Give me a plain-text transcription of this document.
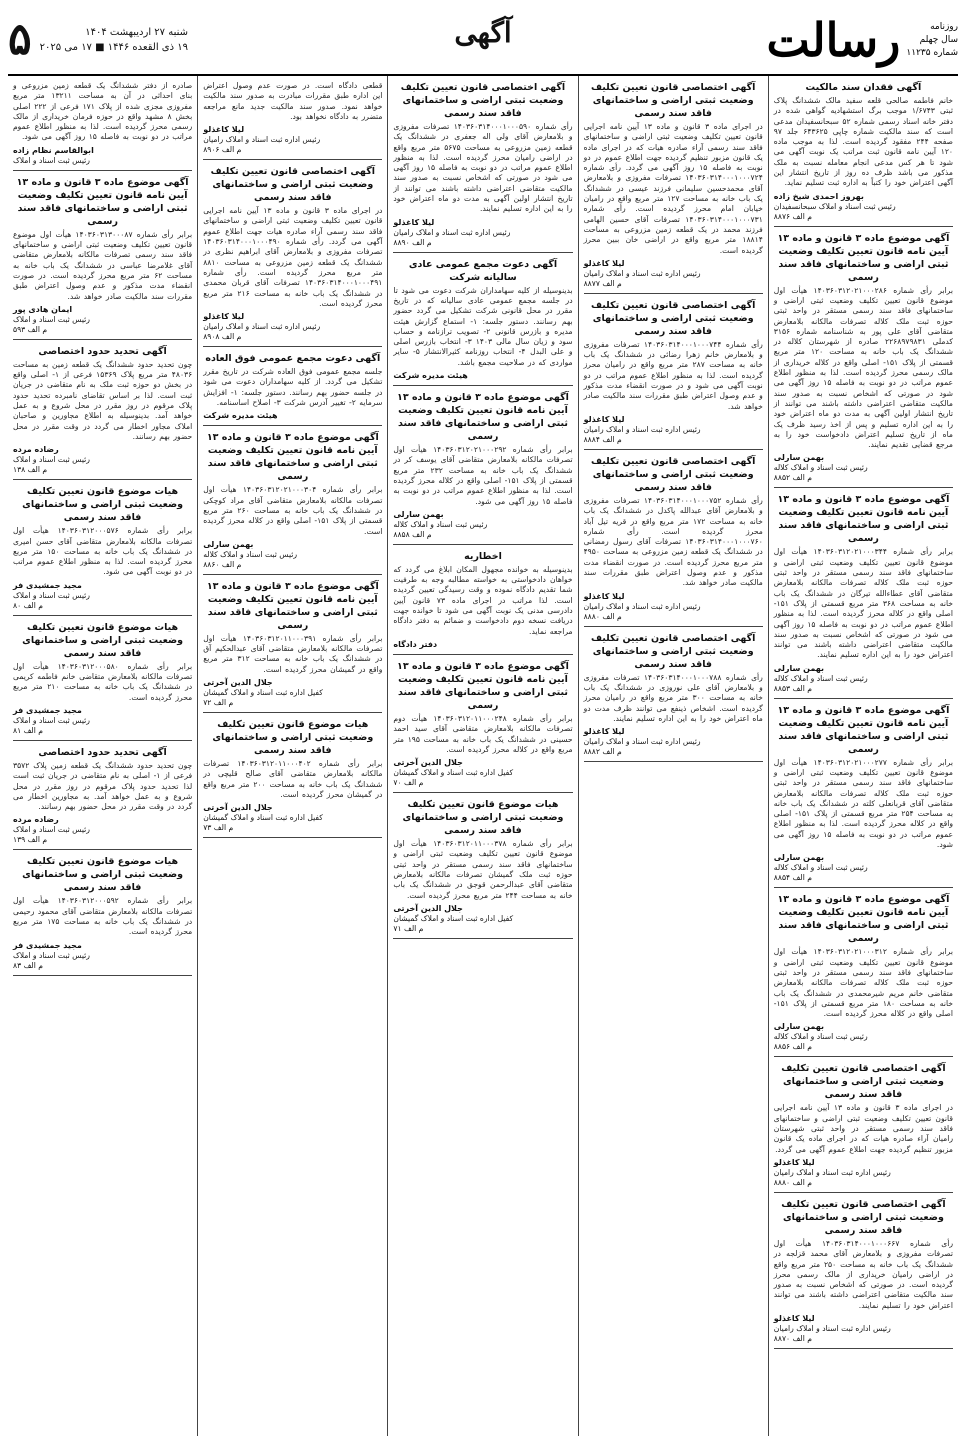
روزنامه
سال چهلم
شماره ۱۱۲۳۵
رسالت
آگهی
شنبه ۲۷ اردیبهشت ۱۴۰۴
۱۹ ذی القعده ۱۴۴۶ ■ ۱۷ می ۲۰۲۵
۵
آگهی فقدان سند مالکیت
خانم فاطمه صالحی قلعه سفید مالک ششدانگ پلاک ثبتی ۱/۶۷۴۳ موجب برگ استشهادیه گواهی شده در دفتر خانه اسناد رسمی شماره ۵۲ سبحانسفیدان مدعی است که سند مالکیت شماره چاپی ۶۴۳۶۲۵ جلد ۹۷ صفحه ۲۴۴ مفقود گردیده است. لذا به موجب ماده ۱۲۰ آیین نامه قانون ثبت مراتب یک نوبت آگهی می شود تا هر کس مدعی انجام معامله نسبت به ملک مذکور می باشد ظرف ده روز از تاریخ انتشار این آگهی اعتراض خود را کتباً به اداره ثبت تسلیم نماید.
بهروز احمدی شیخ زاده
رئیس ثبت اسناد و املاک سبحانسفیدان
م الف ۸۸۷۶
آگهی موضوع ماده ۳ قانون و ماده ۱۳ آیین نامه قانون تعیین تکلیف وضعیت ثبتی اراضی و ساختمانهای فاقد سند رسمی
برابر رأی شماره ۱۴۰۳۶۰۳۱۲۰۲۱۰۰۰۲۸۶ هیأت اول موضوع قانون تعیین تکلیف وضعیت ثبتی اراضی و ساختمانهای فاقد سند رسمی مستقر در واحد ثبتی حوزه ثبت ملک کلاله تصرفات مالکانه بلامعارض متقاضی آقای علی پور به شناسنامه شماره ۳۱۵۶ کدملی ۲۲۶۸۹۷۹۸۳۱ صادره از شهرستان کلاله در ششدانگ یک باب خانه به مساحت ۱۲۰ متر مربع قسمتی از پلاک ۱۵۱- اصلی واقع در کلاله خریداری از مالک رسمی محرز گردیده است. لذا به منظور اطلاع عموم مراتب در دو نوبت به فاصله ۱۵ روز آگهی می شود در صورتی که اشخاص نسبت به صدور سند مالکیت متقاضی اعتراضی داشته باشند می توانند از تاریخ انتشار اولین آگهی به مدت دو ماه اعتراض خود را به این اداره تسلیم و پس از اخذ رسید ظرف یک ماه از تاریخ تسلیم اعتراض دادخواست خود را به مرجع قضایی تقدیم نمایند.
بهمن سارلی
رئیس ثبت اسناد و املاک کلاله
م الف ۸۸۵۲
آگهی موضوع ماده ۳ قانون و ماده ۱۳ آیین نامه قانون تعیین تکلیف وضعیت ثبتی اراضی و ساختمانهای فاقد سند رسمی
برابر رأی شماره ۱۴۰۳۶۰۳۱۲۰۲۱۰۰۰۳۴۴ هیأت اول موضوع قانون تعیین تکلیف وضعیت ثبتی اراضی و ساختمانهای فاقد سند رسمی مستقر در واحد ثبتی حوزه ثبت ملک کلاله تصرفات مالکانه بلامعارض متقاضی آقای عطاءالله تیرگان در ششدانگ یک باب خانه به مساحت ۳۶۸ متر مربع قسمتی از پلاک ۱۵۱- اصلی واقع در کلاله محرز گردیده است. لذا به منظور اطلاع عموم مراتب در دو نوبت به فاصله ۱۵ روز آگهی می شود در صورتی که اشخاص نسبت به صدور سند مالکیت متقاضی اعتراضی داشته باشند می توانند اعتراض خود را به این اداره تسلیم نمایند.
بهمن سارلی
رئیس ثبت اسناد و املاک کلاله
م الف ۸۸۵۳
آگهی موضوع ماده ۳ قانون و ماده ۱۳ آیین نامه قانون تعیین تکلیف وضعیت ثبتی اراضی و ساختمانهای فاقد سند رسمی
برابر رأی شماره ۱۴۰۳۶۰۳۱۲۰۲۱۰۰۰۲۷۷ هیأت اول موضوع قانون تعیین تکلیف وضعیت ثبتی اراضی و ساختمانهای فاقد سند رسمی مستقر در واحد ثبتی حوزه ثبت ملک کلاله تصرفات مالکانه بلامعارض متقاضی آقای قربانعلی کلته در ششدانگ یک باب خانه به مساحت ۲۵۴ متر مربع قسمتی از پلاک ۱۵۱- اصلی واقع در کلاله محرز گردیده است. لذا به منظور اطلاع عموم مراتب در دو نوبت به فاصله ۱۵ روز آگهی می شود.
بهمن سارلی
رئیس ثبت اسناد و املاک کلاله
م الف ۸۸۵۴
آگهی موضوع ماده ۳ قانون و ماده ۱۳ آیین نامه قانون تعیین تکلیف وضعیت ثبتی اراضی و ساختمانهای فاقد سند رسمی
برابر رأی شماره ۱۴۰۳۶۰۳۱۲۰۲۱۰۰۰۳۱۲ هیأت اول موضوع قانون تعیین تکلیف وضعیت ثبتی اراضی و ساختمانهای فاقد سند رسمی مستقر در واحد ثبتی حوزه ثبت ملک کلاله تصرفات مالکانه بلامعارض متقاضی خانم مریم شیرمحمدی در ششدانگ یک باب خانه به مساحت ۱۸۰ متر مربع قسمتی از پلاک ۱۵۱- اصلی واقع در کلاله محرز گردیده است.
بهمن سارلی
رئیس ثبت اسناد و املاک کلاله
م الف ۸۸۵۶
آگهی اختصاصی قانون تعیین تکلیف وضعیت ثبتی اراضی و ساختمانهای فاقد سند رسمی
در اجرای ماده ۳ قانون و ماده ۱۳ آیین نامه اجرایی قانون تعیین تکلیف وضعیت ثبتی اراضی و ساختمانهای فاقد سند رسمی مستقر در واحد ثبتی شهرستان رامیان آراء صادره هیات که در اجرای ماده یک قانون مزبور تنظیم گردیده جهت اطلاع عموم آگهی می گردد.
لیلا کاغذلو
رئیس اداره ثبت اسناد و املاک رامیان
م الف ۸۸۸۰
آگهی اختصاصی قانون تعیین تکلیف وضعیت ثبتی اراضی و ساختمانهای فاقد سند رسمی
رأی شماره ۱۴۰۳۶۰۳۱۴۰۰۰۱۰۰۰۶۶۷ هیأت اول تصرفات مفروزی و بلامعارض آقای محمد قزلجه در ششدانگ یک باب خانه به مساحت ۲۵۰ متر مربع واقع در اراضی رامیان خریداری از مالک رسمی محرز گردیده است. در صورتی که اشخاص نسبت به صدور سند مالکیت متقاضی اعتراضی داشته باشند می توانند اعتراض خود را تسلیم نمایند.
لیلا کاغذلو
رئیس اداره ثبت اسناد و املاک رامیان
م الف ۸۸۷۰
آگهی اختصاصی قانون تعیین تکلیف وضعیت ثبتی اراضی و ساختمانهای فاقد سند رسمی
در اجرای ماده ۳ قانون و ماده ۱۳ آیین نامه اجرایی قانون تعیین تکلیف وضعیت ثبتی اراضی و ساختمانهای فاقد سند رسمی آراء صادره هیات که در اجرای ماده یک قانون مزبور تنظیم گردیده جهت اطلاع عموم در دو نوبت به فاصله ۱۵ روز آگهی می گردد. رأی شماره ۱۴۰۳۶۰۳۱۴۰۰۰۱۰۰۰۷۲۴ تصرفات مفروزی و بلامعارض آقای محمدحسین سلیمانی فرزند عیسی در ششدانگ یک باب خانه به مساحت ۱۲۷ متر مربع واقع در رامیان خیابان امام محرز گردیده است. رأی شماره ۱۴۰۳۶۰۳۱۴۰۰۰۱۰۰۰۷۳۱ تصرفات آقای حسین الهامی فرزند محمد در یک قطعه زمین مزروعی به مساحت ۱۸۸۱۴ متر مربع واقع در اراضی خان ببین محرز گردیده است.
لیلا کاغذلو
رئیس اداره ثبت اسناد و املاک رامیان
م الف ۸۸۷۷
آگهی اختصاصی قانون تعیین تکلیف وضعیت ثبتی اراضی و ساختمانهای فاقد سند رسمی
رأی شماره ۱۴۰۳۶۰۳۱۴۰۰۰۱۰۰۰۷۴۴ تصرفات مفروزی و بلامعارض خانم زهرا رضائی در ششدانگ یک باب خانه به مساحت ۲۸۷ متر مربع واقع در رامیان محرز گردیده است. لذا به منظور اطلاع عموم مراتب در دو نوبت آگهی می شود و در صورت انقضاء مدت مذکور و عدم وصول اعتراض طبق مقررات سند مالکیت صادر خواهد شد.
لیلا کاغذلو
رئیس اداره ثبت اسناد و املاک رامیان
م الف ۸۸۸۴
آگهی اختصاصی قانون تعیین تکلیف وضعیت ثبتی اراضی و ساختمانهای فاقد سند رسمی
رأی شماره ۱۴۰۳۶۰۳۱۴۰۰۰۱۰۰۰۷۵۲ تصرفات مفروزی و بلامعارض آقای عبدالله پاکدل در ششدانگ یک باب خانه به مساحت ۱۷۲ متر مربع واقع در قریه تیل آباد محرز گردیده است. رأی شماره ۱۴۰۳۶۰۳۱۴۰۰۰۱۰۰۰۷۶۰ تصرفات آقای رسول رمضانی در ششدانگ یک قطعه زمین مزروعی به مساحت ۴۹۵۰ متر مربع محرز گردیده است. در صورت انقضاء مدت مذکور و عدم وصول اعتراض طبق مقررات سند مالکیت صادر خواهد شد.
لیلا کاغذلو
رئیس اداره ثبت اسناد و املاک رامیان
م الف ۸۸۸۰
آگهی اختصاصی قانون تعیین تکلیف وضعیت ثبتی اراضی و ساختمانهای فاقد سند رسمی
رأی شماره ۱۴۰۳۶۰۳۱۴۰۰۰۱۰۰۰۷۸۸ تصرفات مفروزی و بلامعارض آقای علی نوروزی در ششدانگ یک باب خانه به مساحت ۳۰۰ متر مربع واقع در رامیان محرز گردیده است. اشخاص ذینفع می توانند ظرف مدت دو ماه اعتراض خود را به این اداره تسلیم نمایند.
لیلا کاغذلو
رئیس اداره ثبت اسناد و املاک رامیان
م الف ۸۸۸۲
آگهی اختصاصی قانون تعیین تکلیف وضعیت ثبتی اراضی و ساختمانهای فاقد سند رسمی
رأی شماره ۱۴۰۳۶۰۳۱۴۰۰۰۱۰۰۰۵۹۰ تصرفات مفروزی و بلامعارض آقای ولی اله جعفری در ششدانگ یک قطعه زمین مزروعی به مساحت ۵۶۷۵ متر مربع واقع در اراضی رامیان محرز گردیده است. لذا به منظور اطلاع عموم مراتب در دو نوبت به فاصله ۱۵ روز آگهی می شود در صورتی که اشخاص نسبت به صدور سند مالکیت متقاضی اعتراضی داشته باشند می توانند از تاریخ انتشار اولین آگهی به مدت دو ماه اعتراض خود را به این اداره تسلیم نمایند.
لیلا کاغذلو
رئیس اداره ثبت اسناد و املاک رامیان
م الف ۸۸۹۰
آگهی دعوت مجمع عمومی عادی سالیانه شرکت
بدینوسیله از کلیه سهامداران شرکت دعوت می شود تا در جلسه مجمع عمومی عادی سالیانه که در تاریخ مقرر در محل قانونی شرکت تشکیل می گردد حضور بهم رسانند. دستور جلسه: ۱- استماع گزارش هیئت مدیره و بازرس قانونی ۲- تصویب ترازنامه و حساب سود و زیان سال مالی ۱۴۰۳ ۳- انتخاب بازرس اصلی و علی البدل ۴- انتخاب روزنامه کثیرالانتشار ۵- سایر مواردی که در صلاحیت مجمع باشد.
هیئت مدیره شرکت
آگهی موضوع ماده ۳ قانون و ماده ۱۳ آیین نامه قانون تعیین تکلیف وضعیت ثبتی اراضی و ساختمانهای فاقد سند رسمی
برابر رأی شماره ۱۴۰۳۶۰۳۱۲۰۲۱۰۰۰۲۹۲ هیأت اول تصرفات مالکانه بلامعارض متقاضی آقای یوسف کر در ششدانگ یک باب خانه به مساحت ۲۳۲ متر مربع قسمتی از پلاک ۱۵۱- اصلی واقع در کلاله محرز گردیده است. لذا به منظور اطلاع عموم مراتب در دو نوبت به فاصله ۱۵ روز آگهی می شود.
بهمن سارلی
رئیس ثبت اسناد و املاک کلاله
م الف ۸۸۵۸
اخطاریه
بدینوسیله به خوانده مجهول المکان ابلاغ می گردد که خواهان دادخواستی به خواسته مطالبه وجه به طرفیت شما تقدیم دادگاه نموده و وقت رسیدگی تعیین گردیده است. لذا مراتب در اجرای ماده ۷۳ قانون آیین دادرسی مدنی یک نوبت آگهی می شود تا خوانده جهت دریافت نسخه دوم دادخواست و ضمائم به دفتر دادگاه مراجعه نماید.
دفتر دادگاه
آگهی موضوع ماده ۳ قانون و ماده ۱۳ آیین نامه قانون تعیین تکلیف وضعیت ثبتی اراضی و ساختمانهای فاقد سند رسمی
برابر رأی شماره ۱۴۰۳۶۰۳۱۲۰۱۱۰۰۰۲۴۸ هیأت دوم تصرفات مالکانه بلامعارض متقاضی آقای سید احمد حسینی در ششدانگ یک باب خانه به مساحت ۱۹۵ متر مربع واقع در کلاله محرز گردیده است.
جلال الدین آخرتی
کفیل اداره ثبت اسناد و املاک گمیشان
م الف ۷۰
هیات موضوع قانون تعیین تکلیف وضعیت ثبتی اراضی و ساختمانهای فاقد سند رسمی
برابر رأی شماره ۱۴۰۳۶۰۳۱۲۰۱۱۰۰۰۳۷۸ هیأت اول موضوع قانون تعیین تکلیف وضعیت ثبتی اراضی و ساختمانهای فاقد سند رسمی مستقر در واحد ثبتی حوزه ثبت ملک گمیشان تصرفات مالکانه بلامعارض متقاضی آقای عبدالرحمن قوجق در ششدانگ یک باب خانه به مساحت ۲۴۴ متر مربع محرز گردیده است.
جلال الدین آخرتی
کفیل اداره ثبت اسناد و املاک گمیشان
م الف ۷۱
قطعی دادگاه است. در صورت عدم وصول اعتراض این اداره طبق مقررات مبادرت به صدور سند مالکیت خواهد نمود. صدور سند مالکیت جدید مانع مراجعه متضرر به دادگاه نخواهد بود.
لیلا کاغذلو
رئیس اداره ثبت اسناد و املاک رامیان
م الف ۸۹۰۶
آگهی اختصاصی قانون تعیین تکلیف وضعیت ثبتی اراضی و ساختمانهای فاقد سند رسمی
در اجرای ماده ۳ قانون و ماده ۱۳ آیین نامه اجرایی قانون تعیین تکلیف وضعیت ثبتی اراضی و ساختمانهای فاقد سند رسمی آراء صادره هیات جهت اطلاع عموم آگهی می گردد. رأی شماره ۱۴۰۳۶۰۳۱۴۰۰۰۱۰۰۰۴۹۰ تصرفات مفروزی و بلامعارض آقای ابراهیم نظری در ششدانگ یک قطعه زمین مزروعی به مساحت ۸۸۱۰ متر مربع محرز گردیده است. رأی شماره ۱۴۰۳۶۰۳۱۴۰۰۰۱۰۰۰۴۹۱ تصرفات آقای قربان محمدی در ششدانگ یک باب خانه به مساحت ۲۱۶ متر مربع محرز گردیده است.
لیلا کاغذلو
رئیس اداره ثبت اسناد و املاک رامیان
م الف ۸۹۰۸
آگهی دعوت مجمع عمومی فوق العاده
جلسه مجمع عمومی فوق العاده شرکت در تاریخ مقرر تشکیل می گردد. از کلیه سهامداران دعوت می شود در جلسه حضور بهم رسانند. دستور جلسه: ۱- افزایش سرمایه ۲- تغییر آدرس شرکت ۳- اصلاح اساسنامه.
هیئت مدیره شرکت
آگهی موضوع ماده ۳ قانون و ماده ۱۳ آیین نامه قانون تعیین تکلیف وضعیت ثبتی اراضی و ساختمانهای فاقد سند رسمی
برابر رأی شماره ۱۴۰۳۶۰۳۱۲۰۲۱۰۰۰۳۰۴ هیأت اول تصرفات مالکانه بلامعارض متقاضی آقای مراد کوچکی در ششدانگ یک باب خانه به مساحت ۲۶۰ متر مربع قسمتی از پلاک ۱۵۱- اصلی واقع در کلاله محرز گردیده است.
بهمن سارلی
رئیس ثبت اسناد و املاک کلاله
م الف ۸۸۶۰
آگهی موضوع ماده ۳ قانون و ماده ۱۳ آیین نامه قانون تعیین تکلیف وضعیت ثبتی اراضی و ساختمانهای فاقد سند رسمی
برابر رأی شماره ۱۴۰۳۶۰۳۱۲۰۱۱۰۰۰۳۹۱ هیأت اول تصرفات مالکانه بلامعارض متقاضی آقای عبدالحکیم آق در ششدانگ یک باب خانه به مساحت ۳۱۲ متر مربع واقع در گمیشان محرز گردیده است.
جلال الدین آخرتی
کفیل اداره ثبت اسناد و املاک گمیشان
م الف ۷۲
هیات موضوع قانون تعیین تکلیف وضعیت ثبتی اراضی و ساختمانهای فاقد سند رسمی
برابر رأی شماره ۱۴۰۳۶۰۳۱۲۰۱۱۰۰۰۴۰۲ تصرفات مالکانه بلامعارض متقاضی آقای صالح قلیچی در ششدانگ یک باب خانه به مساحت ۲۰۰ متر مربع واقع در گمیشان محرز گردیده است.
جلال الدین آخرتی
کفیل اداره ثبت اسناد و املاک گمیشان
م الف ۷۳
صادره از دفتر ششدانگ یک قطعه زمین مزروعی و بنای احداثی در آن به مساحت ۱۳۲۱۱ متر مربع مفروزی مجزی شده از پلاک ۱۷۱ فرعی از ۲۲۲ اصلی بخش ۸ مشهد واقع در حوزه فرمان خریداری از مالک رسمی محرز گردیده است. لذا به منظور اطلاع عموم مراتب در دو نوبت به فاصله ۱۵ روز آگهی می شود.
ابوالقاسم نظام زاده
رئیس ثبت اسناد و املاک
آگهی موضوع ماده ۳ قانون و ماده ۱۳ آیین نامه قانون تعیین تکلیف وضعیت ثبتی اراضی و ساختمانهای فاقد سند رسمی
برابر رأی شماره ۱۴۰۳۶۰۳۱۳۰۰۰۸۷ هیأت اول موضوع قانون تعیین تکلیف وضعیت ثبتی اراضی و ساختمانهای فاقد سند رسمی تصرفات مالکانه بلامعارض متقاضی آقای غلامرضا عباسی در ششدانگ یک باب خانه به مساحت ۶۲ متر مربع محرز گردیده است. در صورت انقضاء مدت مذکور و عدم وصول اعتراض طبق مقررات سند مالکیت صادر خواهد شد.
ایمان هادی پور
رئیس ثبت اسناد و املاک
م الف ۵۹۳
آگهی تحدید حدود اختصاصی
چون تحدید حدود ششدانگ یک قطعه زمین به مساحت ۴۸۰۳۶ متر مربع پلاک ۱۵۳۶۹ فرعی از ۱- اصلی واقع در بخش دو حوزه ثبت ملک به نام متقاضی در جریان ثبت است. لذا بر اساس تقاضای نامبرده تحدید حدود پلاک مرقوم در روز مقرر در محل شروع و به عمل خواهد آمد. بدینوسیله به اطلاع مجاورین و صاحبان املاک مجاور اخطار می گردد در وقت مقرر در محل حضور بهم رسانند.
رضاده مرده
رئیس ثبت اسناد و املاک
م الف ۱۳۸
هیات موضوع قانون تعیین تکلیف وضعیت ثبتی اراضی و ساختمانهای فاقد سند رسمی
برابر رأی شماره ۱۴۰۳۶۰۳۱۲۰۰۰۵۷۶ هیأت اول تصرفات مالکانه بلامعارض متقاضی آقای حسن امیری در ششدانگ یک باب خانه به مساحت ۱۵۰ متر مربع محرز گردیده است. لذا به منظور اطلاع عموم مراتب در دو نوبت آگهی می شود.
مجید جمشیدی فر
رئیس ثبت اسناد و املاک
م الف ۸۰
هیات موضوع قانون تعیین تکلیف وضعیت ثبتی اراضی و ساختمانهای فاقد سند رسمی
برابر رأی شماره ۱۴۰۳۶۰۳۱۲۰۰۰۵۸۰ هیأت اول تصرفات مالکانه بلامعارض متقاضی خانم فاطمه کریمی در ششدانگ یک باب خانه به مساحت ۲۱۰ متر مربع محرز گردیده است.
مجید جمشیدی فر
رئیس ثبت اسناد و املاک
م الف ۸۱
آگهی تحدید حدود اختصاصی
چون تحدید حدود ششدانگ یک قطعه زمین پلاک ۳۵۷۲ فرعی از ۱- اصلی به نام متقاضی در جریان ثبت است لذا تحدید حدود پلاک مرقوم در روز مقرر در محل شروع و به عمل خواهد آمد. به مجاورین اخطار می گردد در وقت مقرر در محل حضور بهم رسانند.
رضاده مرده
رئیس ثبت اسناد و املاک
م الف ۱۳۹
هیات موضوع قانون تعیین تکلیف وضعیت ثبتی اراضی و ساختمانهای فاقد سند رسمی
برابر رأی شماره ۱۴۰۳۶۰۳۱۲۰۰۰۵۹۲ هیأت اول تصرفات مالکانه بلامعارض متقاضی آقای محمود رحیمی در ششدانگ یک باب خانه به مساحت ۱۷۵ متر مربع محرز گردیده است.
مجید جمشیدی فر
رئیس ثبت اسناد و املاک
م الف ۸۳
